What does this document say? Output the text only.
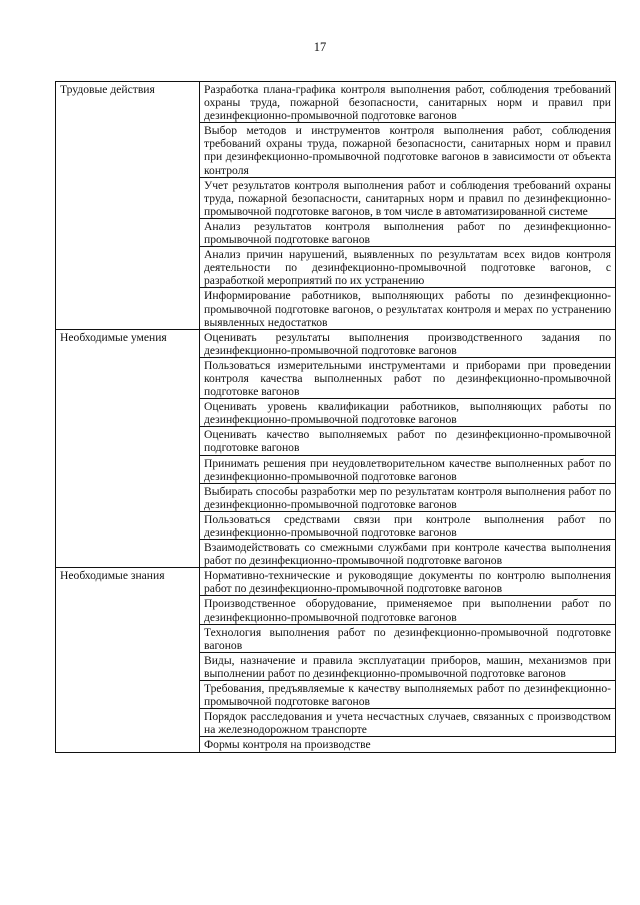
17
Трудовые действия	Разработка плана-графика контроля выполнения работ, соблюдения требований охраны труда, пожарной безопасности, санитарных норм и правил при дезинфекционно-промывочной подготовке вагонов
	Выбор методов и инструментов контроля выполнения работ, соблюдения требований охраны труда, пожарной безопасности, санитарных норм и правил при дезинфекционно-промывочной подготовке вагонов в зависимости от объекта контроля
	Учет результатов контроля выполнения работ и соблюдения требований охраны труда, пожарной безопасности, санитарных норм и правил по дезинфекционно-промывочной подготовке вагонов, в том числе в автоматизированной системе
	Анализ результатов контроля выполнения работ по дезинфекционно-промывочной подготовке вагонов
	Анализ причин нарушений, выявленных по результатам всех видов контроля деятельности по дезинфекционно-промывочной подготовке вагонов, с разработкой мероприятий по их устранению
	Информирование работников, выполняющих работы по дезинфекционно-промывочной подготовке вагонов, о результатах контроля и мерах по устранению выявленных недостатков
Необходимые умения	Оценивать результаты выполнения производственного задания по дезинфекционно-промывочной подготовке вагонов
	Пользоваться измерительными инструментами и приборами при проведении контроля качества выполненных работ по дезинфекционно-промывочной подготовке вагонов
	Оценивать уровень квалификации работников, выполняющих работы по дезинфекционно-промывочной подготовке вагонов
	Оценивать качество выполняемых работ по дезинфекционно-промывочной подготовке вагонов
	Принимать решения при неудовлетворительном качестве выполненных работ по дезинфекционно-промывочной подготовке вагонов
	Выбирать способы разработки мер по результатам контроля выполнения работ по дезинфекционно-промывочной подготовке вагонов
	Пользоваться средствами связи при контроле выполнения работ по дезинфекционно-промывочной подготовке вагонов
	Взаимодействовать со смежными службами при контроле качества выполнения работ по дезинфекционно-промывочной подготовке вагонов
Необходимые знания	Нормативно-технические и руководящие документы по контролю выполнения работ по дезинфекционно-промывочной подготовке вагонов
	Производственное оборудование, применяемое при выполнении работ по дезинфекционно-промывочной подготовке вагонов
	Технология выполнения работ по дезинфекционно-промывочной подготовке вагонов
	Виды, назначение и правила эксплуатации приборов, машин, механизмов при выполнении работ по дезинфекционно-промывочной подготовке вагонов
	Требования, предъявляемые к качеству выполняемых работ по дезинфекционно-промывочной подготовке вагонов
	Порядок расследования и учета несчастных случаев, связанных с производством на железнодорожном транспорте
	Формы контроля на производстве
